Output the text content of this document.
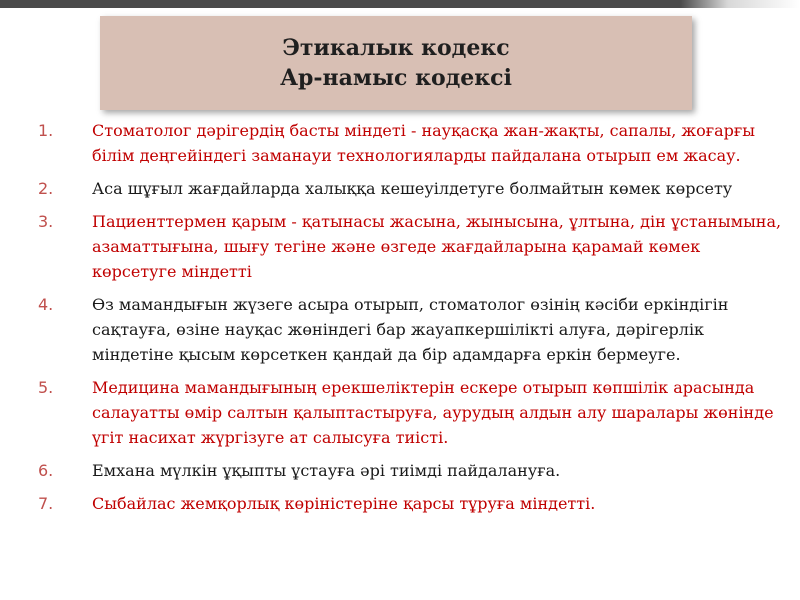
Этикалык кодекс
Ар-намыс кодексі
1. Стоматолог дәрігердің басты міндеті - науқасқа жан-жақты, сапалы, жоғарғы білім деңгейіндегі заманауи технологияларды пайдалана отырып ем жасау.
2. Аса шұғыл жағдайларда халыққа кешеуілдетуге болмайтын көмек көрсету
3. Пациенттермен қарым - қатынасы жасына, жынысына, ұлтына, дін ұстанымына, азаматтығына, шығу тегіне және өзгеде жағдайларына қарамай көмек көрсетуге міндетті
4. Өз мамандығын жүзеге асыра отырып, стоматолог өзінің кәсіби еркіндігін сақтауға, өзіне науқас жөніндегі бар жауапкершілікті алуға, дәрігерлік міндетіне қысым көрсеткен қандай да бір адамдарға еркін бермеуге.
5. Медицина мамандығының ерекшеліктерін ескере отырып көпшілік арасында салауатты өмір салтын қалыптастыруға, аурудың алдын алу шаралары жөнінде үгіт насихат жүргізуге ат салысуға тиісті.
6. Емхана мүлкін ұқыпты ұстауға әрі тиімді пайдалануға.
7. Сыбайлас жемқорлық көріністеріне қарсы тұруға міндетті.
